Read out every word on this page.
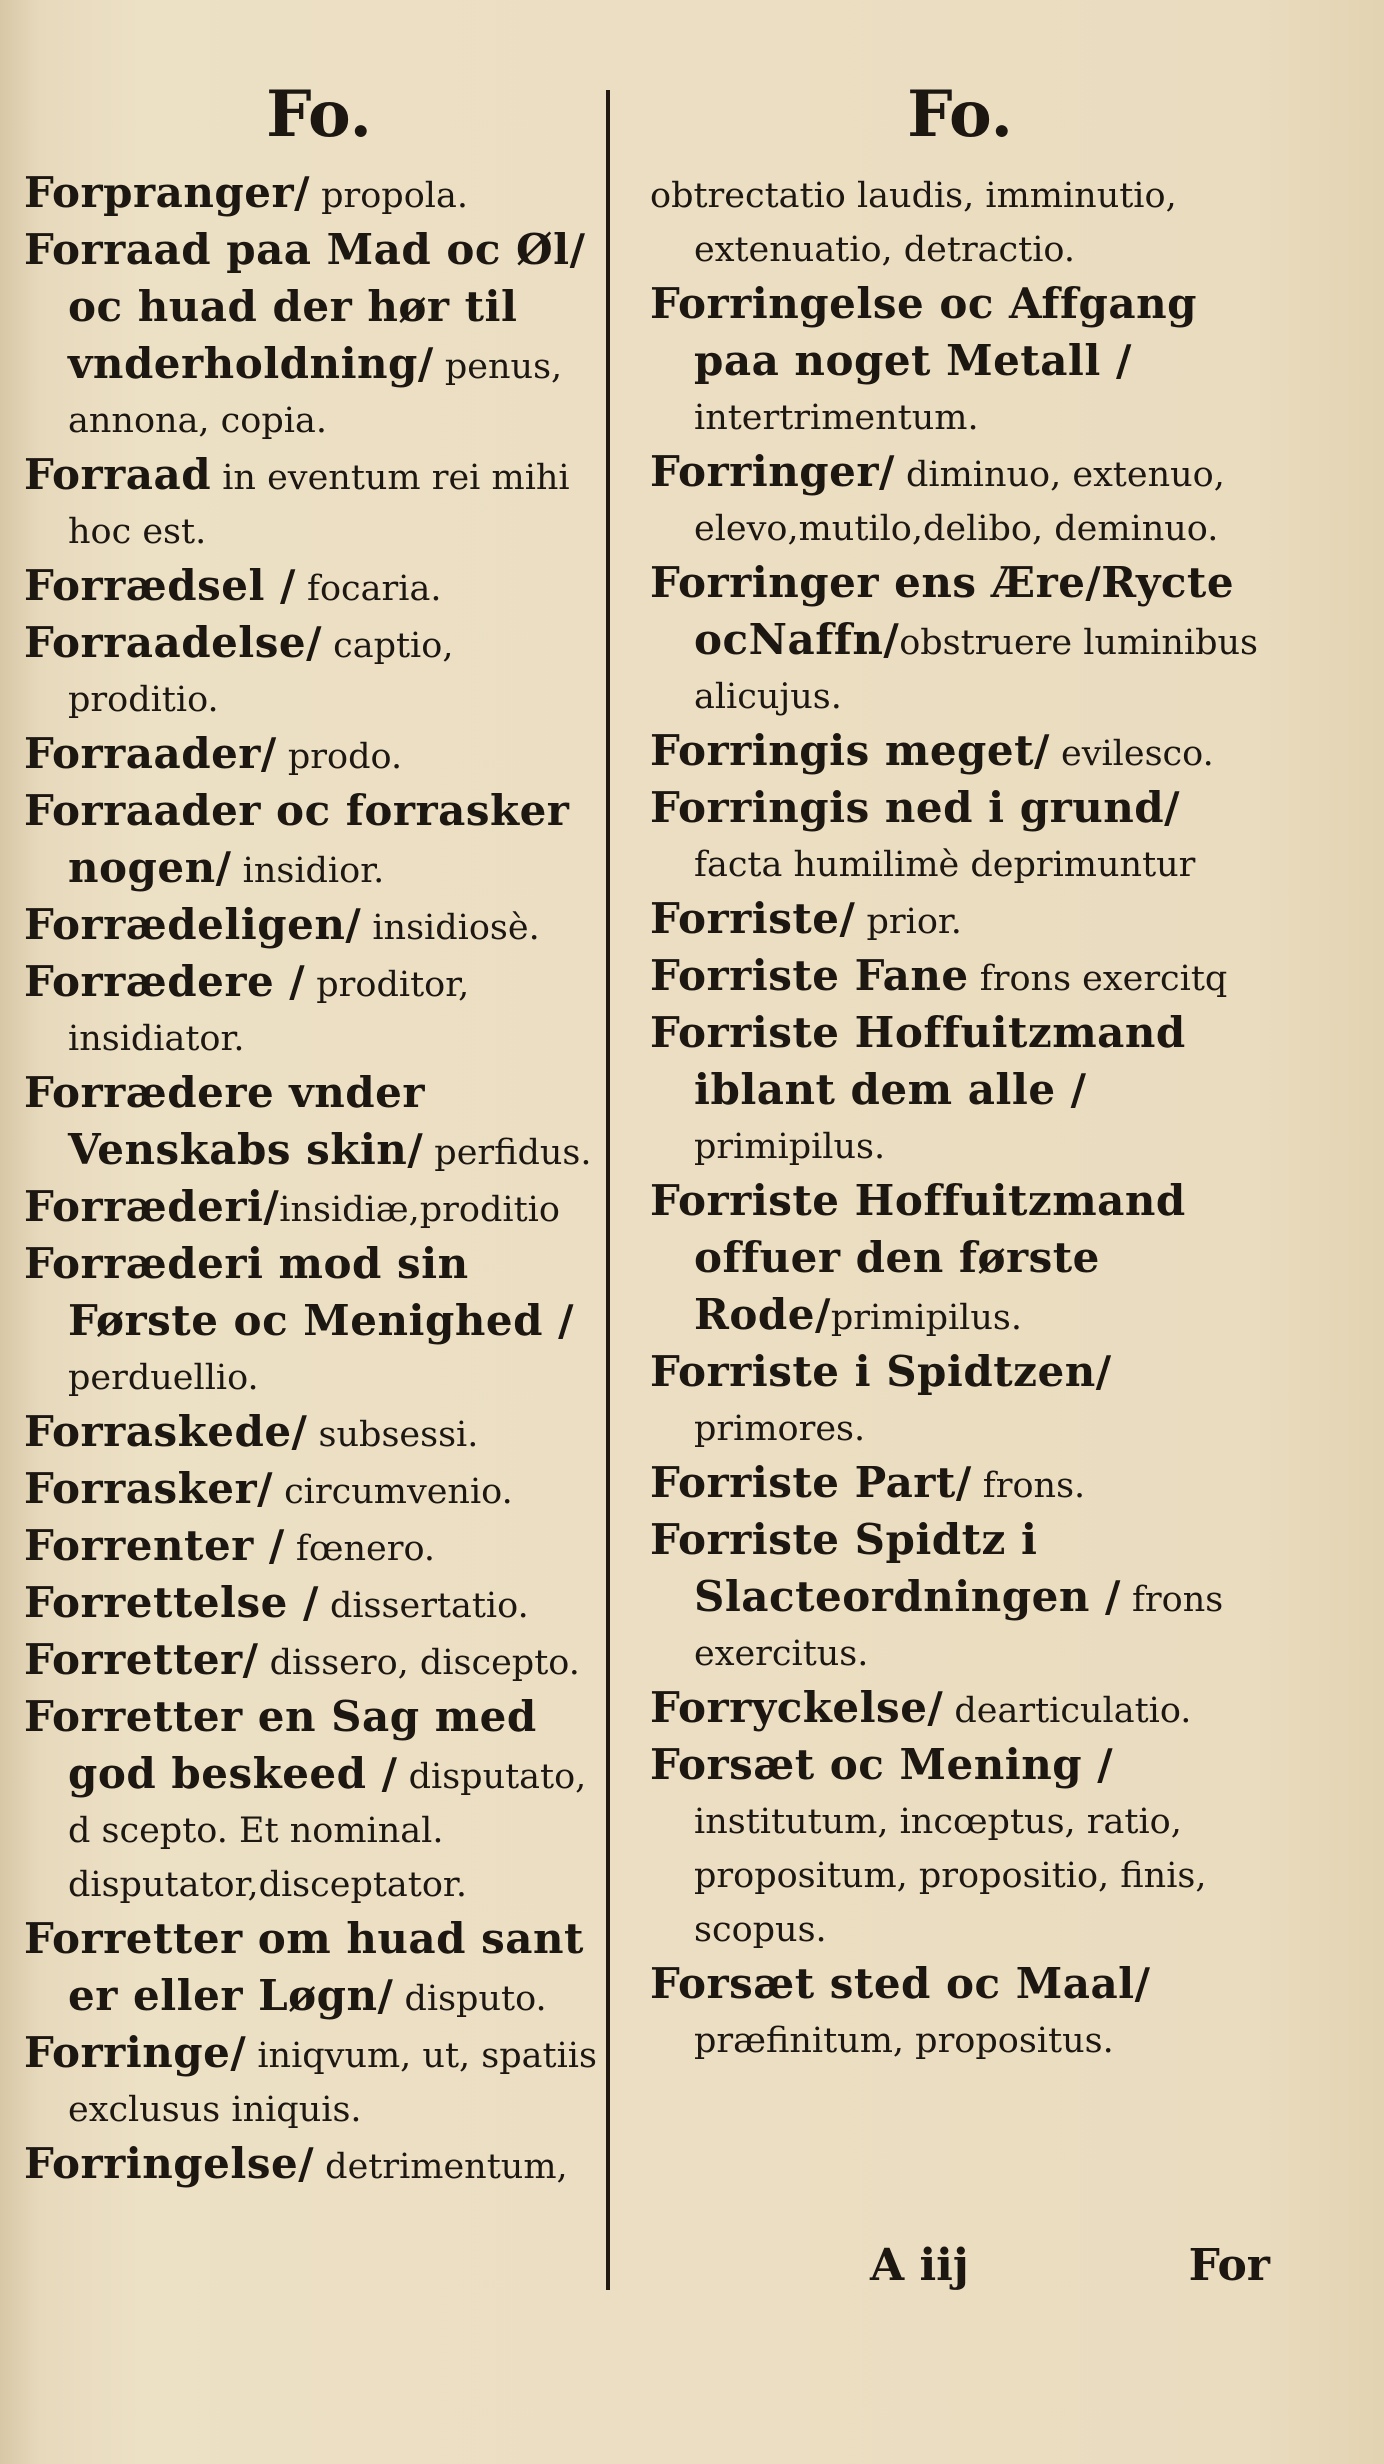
Fo.
Forpranger/ propola.
Forraad paa Mad oc Øl/ oc huad der hør til vnderholdning/ penus, annona, copia.
Forraad in eventum rei mihi hoc est.
Forrædsel / focaria.
Forraadelse/ captio, proditio.
Forraader/ prodo.
Forraader oc forrasker nogen/ insidior.
Forrædeligen/ insidiosè.
Forrædere / proditor, insidiator.
Forrædere vnder Venskabs skin/ perfidus.
Forræderi/insidiæ,proditio
Forræderi mod sin Første oc Menighed / perduellio.
Forraskede/ subsessi.
Forrasker/ circumvenio.
Forrenter / fœnero.
Forrettelse / dissertatio.
Forretter/ dissero, discepto.
Forretter en Sag med god beskeed / disputato, d scepto. Et nominal. disputator,disceptator.
Forretter om huad sant er eller Løgn/ disputo.
Forringe/ iniqvum, ut, spatiis exclusus iniquis.
Forringelse/ detrimentum,
Fo.
obtrectatio laudis, imminutio, extenuatio, detractio.
Forringelse oc Affgang paa noget Metall / intertrimentum.
Forringer/ diminuo, extenuo, elevo,mutilo,delibo, deminuo.
Forringer ens Ære/Rycte ocNaffn/obstruere luminibus alicujus.
Forringis meget/ evilesco.
Forringis ned i grund/ facta humilimè deprimuntur
Forriste/ prior.
Forriste Fane frons exercitq
Forriste Hoffuitzmand iblant dem alle / primipilus.
Forriste Hoffuitzmand offuer den første Rode/primipilus.
Forriste i Spidtzen/ primores.
Forriste Part/ frons.
Forriste Spidtz i Slacteordningen / frons exercitus.
Forryckelse/ dearticulatio.
Forsæt oc Mening / institutum, incœptus, ratio, propositum, propositio, finis, scopus.
Forsæt sted oc Maal/ præfinitum, propositus.
A iij	For
